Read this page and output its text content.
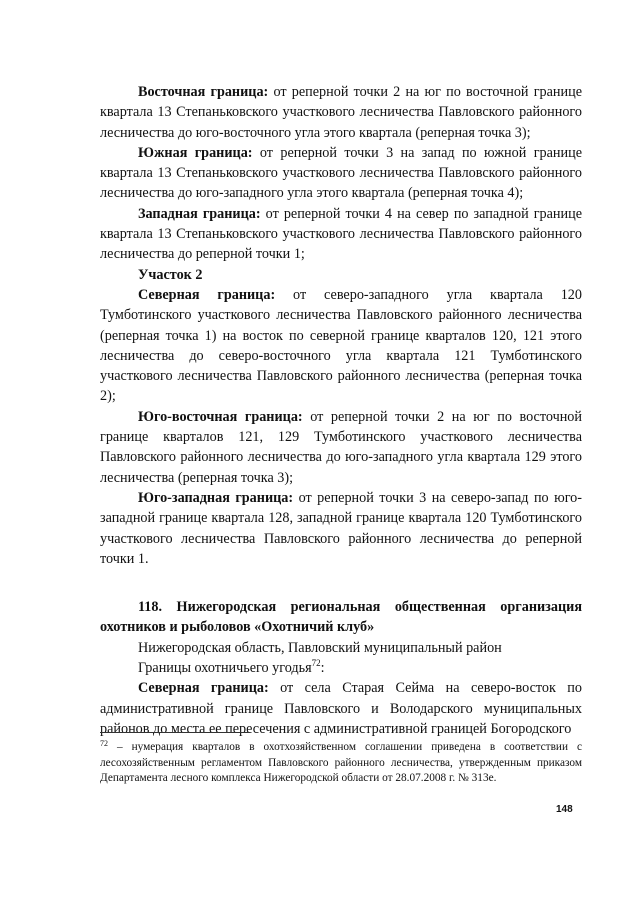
Восточная граница: от реперной точки 2 на юг по восточной границе квартала 13 Степаньковского участкового лесничества Павловского районного лесничества до юго-восточного угла этого квартала (реперная точка 3);

Южная граница: от реперной точки 3 на запад по южной границе квартала 13 Степаньковского участкового лесничества Павловского районного лесничества до юго-западного угла этого квартала (реперная точка 4);

Западная граница: от реперной точки 4 на север по западной границе квартала 13 Степаньковского участкового лесничества Павловского районного лесничества до реперной точки 1;

Участок 2

Северная граница: от северо-западного угла квартала 120 Тумботинского участкового лесничества Павловского районного лесничества (реперная точка 1) на восток по северной границе кварталов 120, 121 этого лесничества до северо-восточного угла квартала 121 Тумботинского участкового лесничества Павловского районного лесничества (реперная точка 2);

Юго-восточная граница: от реперной точки 2 на юг по восточной границе кварталов 121, 129 Тумботинского участкового лесничества Павловского районного лесничества до юго-западного угла квартала 129 этого лесничества (реперная точка 3);

Юго-западная граница: от реперной точки 3 на северо-запад по юго-западной границе квартала 128, западной границе квартала 120 Тумботинского участкового лесничества Павловского районного лесничества до реперной точки 1.

118. Нижегородская региональная общественная организация охотников и рыболовов «Охотничий клуб»

Нижегородская область, Павловский муниципальный район

Границы охотничьего угодья$^{72}$:

Северная граница: от села Старая Сейма на северо-восток по административной границе Павловского и Володарского муниципальных районов до места ее пересечения с административной границей Богородского

$^{72}$ – нумерация кварталов в охотхозяйственном соглашении приведена в соответствии с лесохозяйственным регламентом Павловского районного лесничества, утвержденным приказом Департамента лесного комплекса Нижегородской области от 28.07.2008 г. № 313е.
148
